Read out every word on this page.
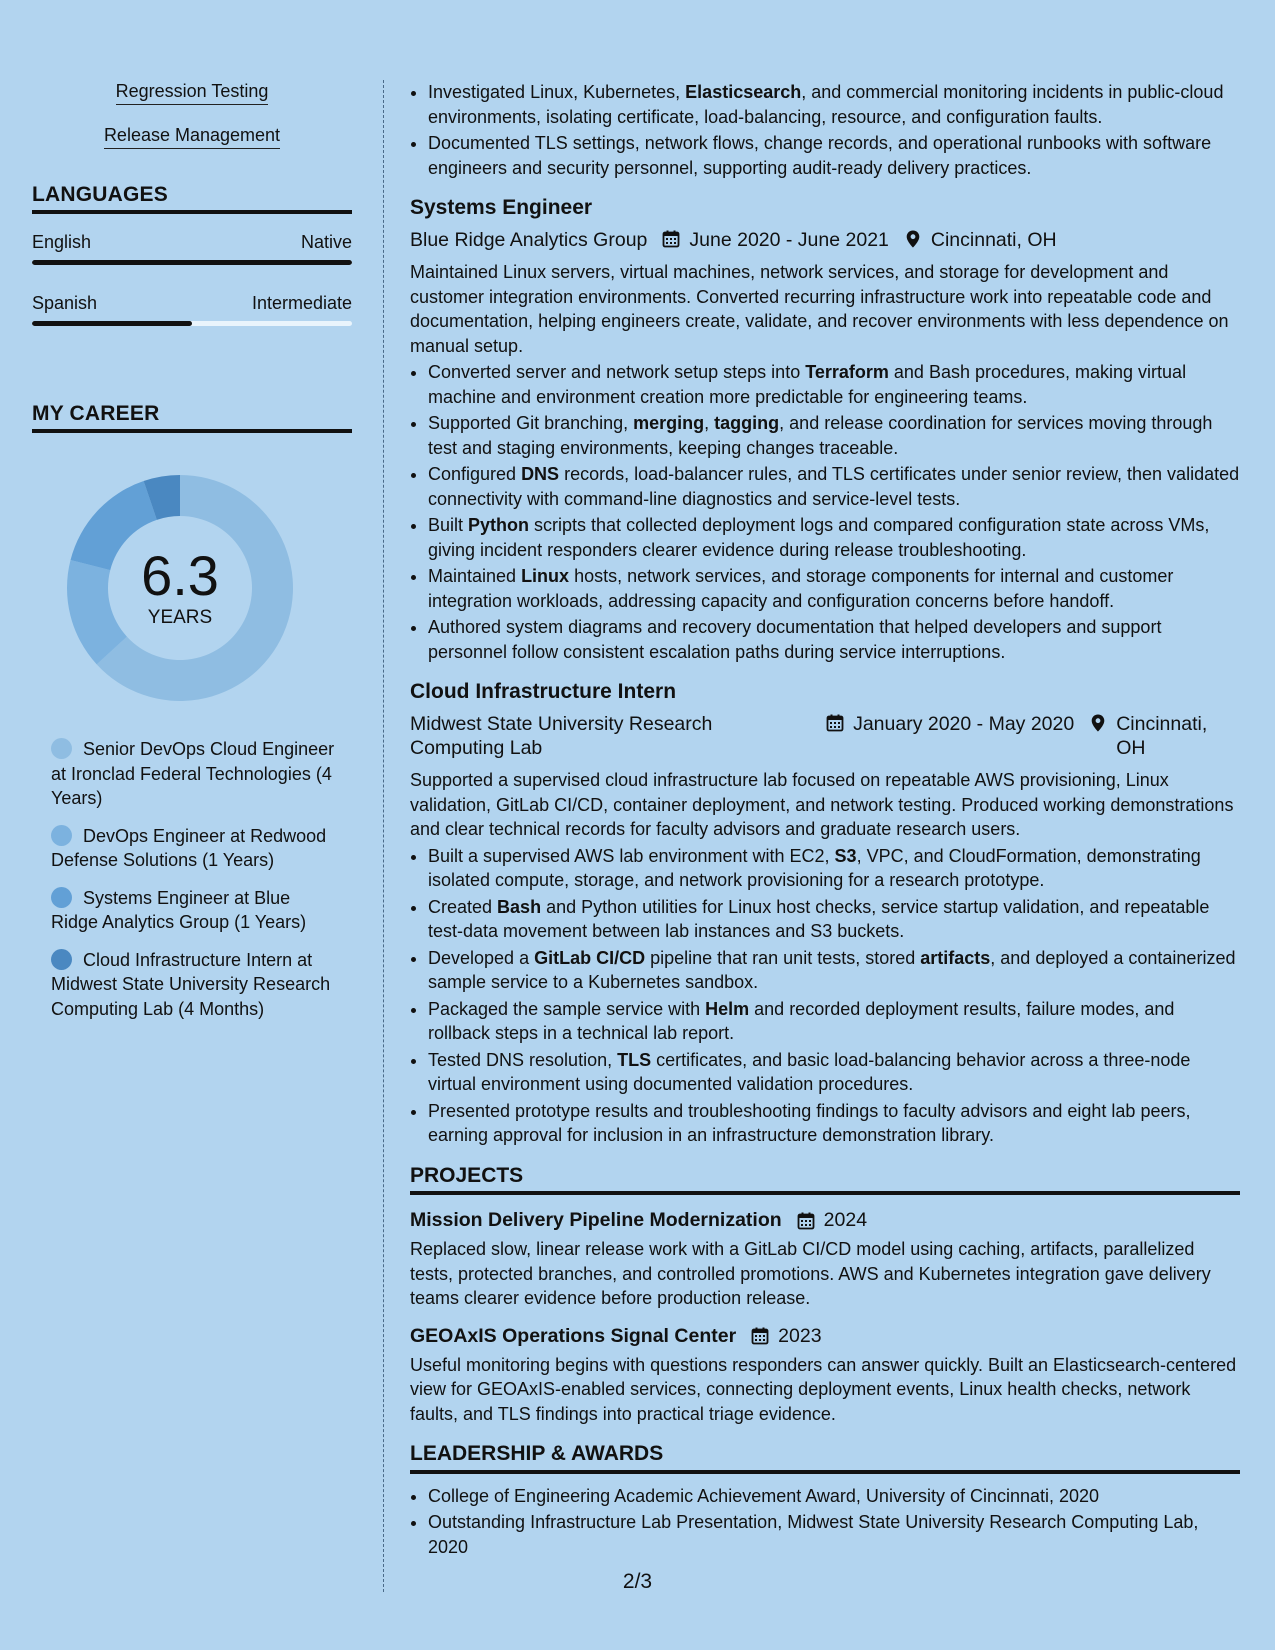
Regression Testing
Release Management
LANGUAGES
English	Native
Spanish	Intermediate
MY CAREER
6.3
YEARS
Senior DevOps Cloud Engineer at Ironclad Federal Technologies (4 Years)
DevOps Engineer at Redwood Defense Solutions (1 Years)
Systems Engineer at Blue Ridge Analytics Group (1 Years)
Cloud Infrastructure Intern at Midwest State University Research Computing Lab (4 Months)
• Investigated Linux, Kubernetes, Elasticsearch, and commercial monitoring incidents in public-cloud environments, isolating certificate, load-balancing, resource, and configuration faults.
• Documented TLS settings, network flows, change records, and operational runbooks with software engineers and security personnel, supporting audit-ready delivery practices.
Systems Engineer
Blue Ridge Analytics Group June 2020 - June 2021 Cincinnati, OH

Maintained Linux servers, virtual machines, network services, and storage for development and customer integration environments. Converted recurring infrastructure work into repeatable code and documentation, helping engineers create, validate, and recover environments with less dependence on manual setup.

• Converted server and network setup steps into Terraform and Bash procedures, making virtual machine and environment creation more predictable for engineering teams.
• Supported Git branching, merging, tagging, and release coordination for services moving through test and staging environments, keeping changes traceable.
• Configured DNS records, load-balancer rules, and TLS certificates under senior review, then validated connectivity with command-line diagnostics and service-level tests.
• Built Python scripts that collected deployment logs and compared configuration state across VMs, giving incident responders clearer evidence during release troubleshooting.
• Maintained Linux hosts, network services, and storage components for internal and customer integration workloads, addressing capacity and configuration concerns before handoff.
• Authored system diagrams and recovery documentation that helped developers and support personnel follow consistent escalation paths during service interruptions.
Cloud Infrastructure Intern
Midwest State University Research Computing Lab
January 2020 - May 2020 Cincinnati, OH

Supported a supervised cloud infrastructure lab focused on repeatable AWS provisioning, Linux validation, GitLab CI/CD, container deployment, and network testing. Produced working demonstrations and clear technical records for faculty advisors and graduate research users.

• Built a supervised AWS lab environment with EC2, S3, VPC, and CloudFormation, demonstrating isolated compute, storage, and network provisioning for a research prototype.
• Created Bash and Python utilities for Linux host checks, service startup validation, and repeatable test-data movement between lab instances and S3 buckets.
• Developed a GitLab CI/CD pipeline that ran unit tests, stored artifacts, and deployed a containerized sample service to a Kubernetes sandbox.
• Packaged the sample service with Helm and recorded deployment results, failure modes, and rollback steps in a technical lab report.
• Tested DNS resolution, TLS certificates, and basic load-balancing behavior across a three-node virtual environment using documented validation procedures.
• Presented prototype results and troubleshooting findings to faculty advisors and eight lab peers, earning approval for inclusion in an infrastructure demonstration library.
PROJECTS
Mission Delivery Pipeline Modernization 2024

Replaced slow, linear release work with a GitLab CI/CD model using caching, artifacts, parallelized tests, protected branches, and controlled promotions. AWS and Kubernetes integration gave delivery teams clearer evidence before production release.

GEOAxIS Operations Signal Center 2023

Useful monitoring begins with questions responders can answer quickly. Built an Elasticsearch-centered view for GEOAxIS-enabled services, connecting deployment events, Linux health checks, network faults, and TLS findings into practical triage evidence.

LEADERSHIP & AWARDS
• College of Engineering Academic Achievement Award, University of Cincinnati, 2020
• Outstanding Infrastructure Lab Presentation, Midwest State University Research Computing Lab, 2020
2/3
